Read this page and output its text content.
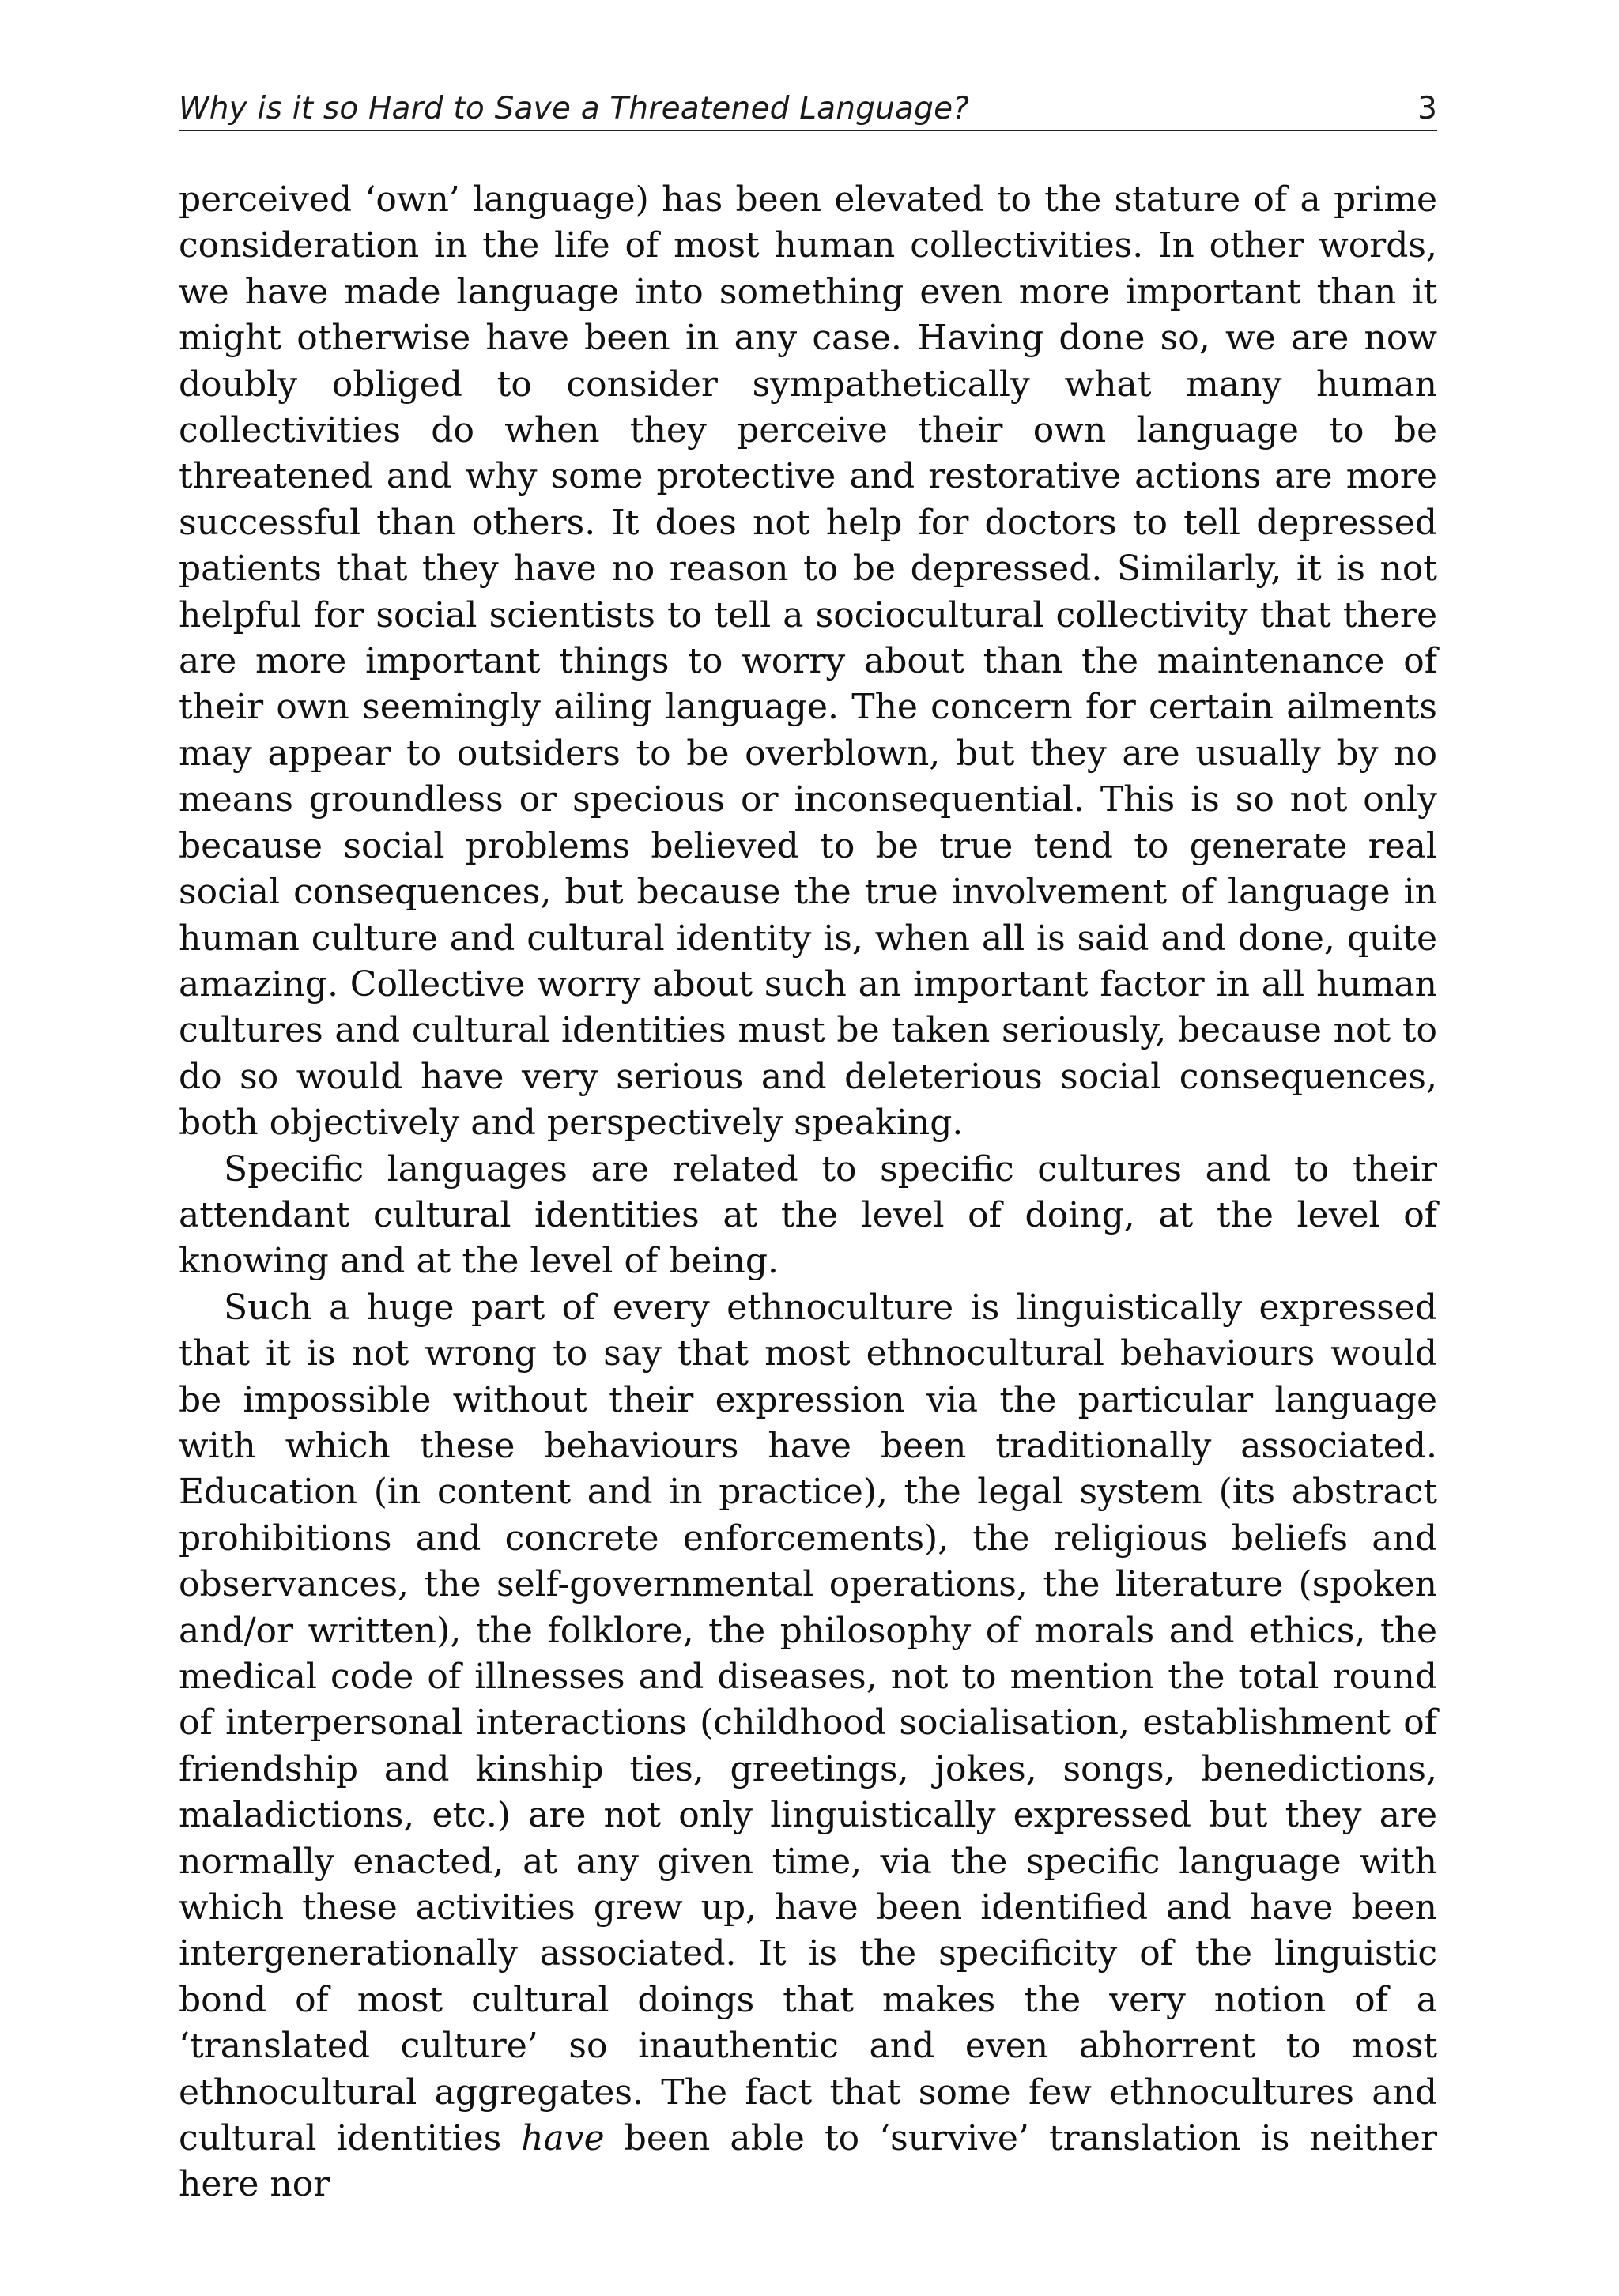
Why is it so Hard to Save a Threatened Language?	3

perceived ‘own’ language) has been elevated to the stature of a prime consideration in the life of most human collectivities. In other words, we have made language into something even more important than it might otherwise have been in any case. Having done so, we are now doubly obliged to consider sympathetically what many human collectivities do when they perceive their own language to be threatened and why some protective and restorative actions are more successful than others. It does not help for doctors to tell depressed patients that they have no reason to be depressed. Similarly, it is not helpful for social scientists to tell a sociocultural collectivity that there are more important things to worry about than the maintenance of their own seemingly ailing language. The concern for certain ailments may appear to outsiders to be overblown, but they are usually by no means groundless or specious or inconsequential. This is so not only because social problems believed to be true tend to generate real social consequences, but because the true involvement of language in human culture and cultural identity is, when all is said and done, quite amazing. Collective worry about such an important factor in all human cultures and cultural identities must be taken seriously, because not to do so would have very serious and deleterious social consequences, both objectively and perspectively speaking.

Specific languages are related to specific cultures and to their attendant cultural identities at the level of doing, at the level of knowing and at the level of being.

Such a huge part of every ethnoculture is linguistically expressed that it is not wrong to say that most ethnocultural behaviours would be impossible without their expression via the particular language with which these behaviours have been traditionally associated. Education (in content and in practice), the legal system (its abstract prohibitions and concrete enforcements), the religious beliefs and observances, the self-governmental operations, the literature (spoken and/or written), the folklore, the philosophy of morals and ethics, the medical code of illnesses and diseases, not to mention the total round of interpersonal interactions (childhood socialisation, establishment of friendship and kinship ties, greetings, jokes, songs, benedictions, maladictions, etc.) are not only linguistically expressed but they are normally enacted, at any given time, via the specific language with which these activities grew up, have been identified and have been intergenerationally associated. It is the specificity of the linguistic bond of most cultural doings that makes the very notion of a ‘translated culture’ so inauthentic and even abhorrent to most ethnocultural aggregates. The fact that some few ethnocultures and cultural identities have been able to ‘survive’ translation is neither here nor
